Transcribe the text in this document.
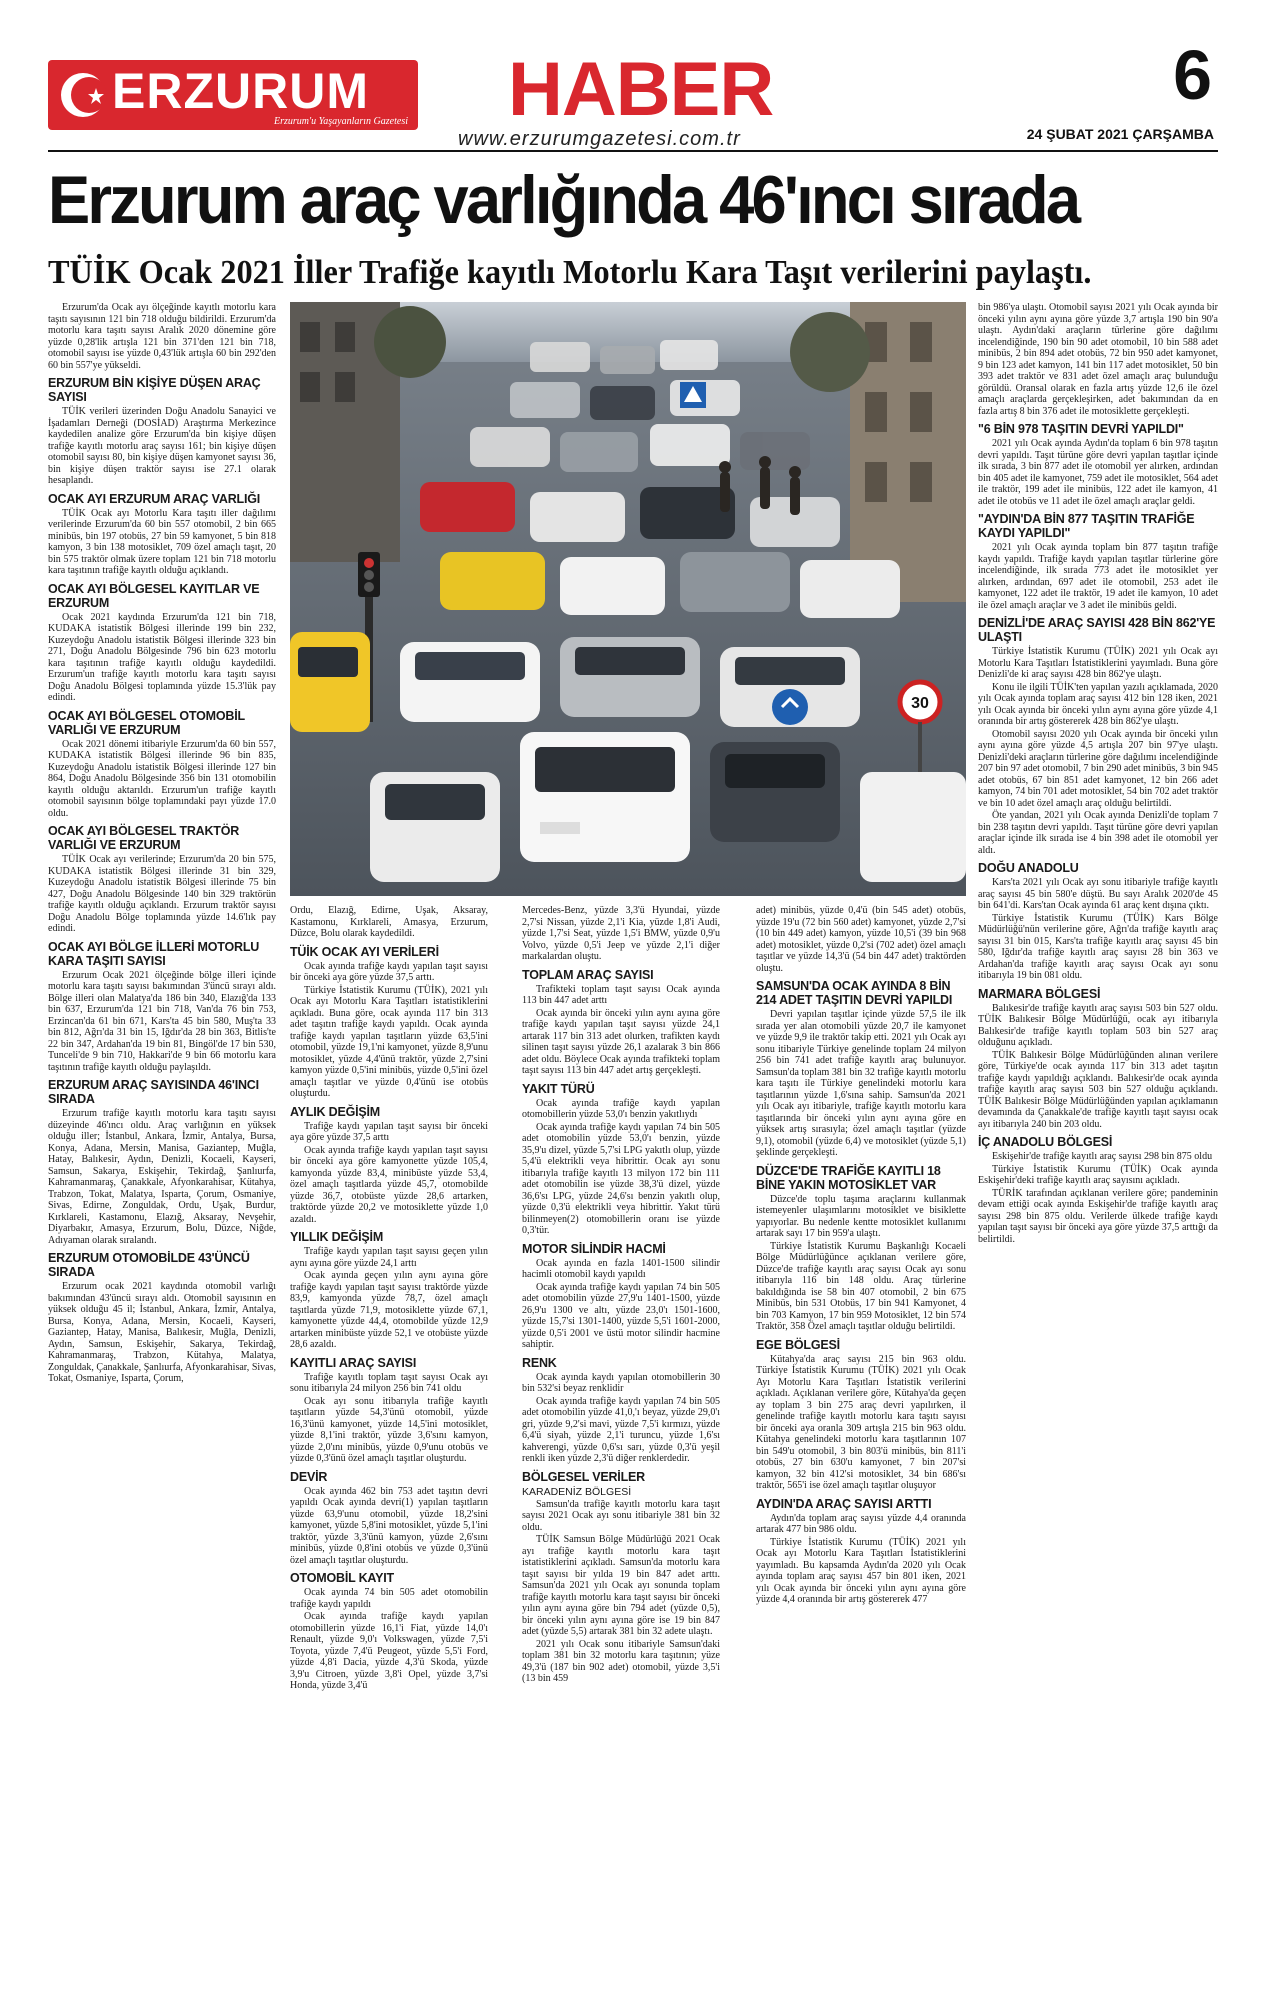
ERZURUM
Erzurum'u Yaşayanların Gazetesi HABER
www.erzurumgazetesi.com.tr
6
24 ŞUBAT 2021 ÇARŞAMBA
Erzurum araç varlığında 46'ıncı sırada
TÜİK Ocak 2021 İller Trafiğe kayıtlı Motorlu Kara Taşıt verilerini paylaştı.
30

Erzurum'da Ocak ayı ölçeğinde kayıtlı motorlu kara taşıtı sayısının 121 bin 718 olduğu bildirildi. Erzurum'da motorlu kara taşıtı sayısı Aralık 2020 dönemine göre yüzde 0,28'lik artışla 121 bin 371'den 121 bin 718, otomobil sayısı ise yüzde 0,43'lük artışla 60 bin 292'den 60 bin 557'ye yükseldi.

ERZURUM BİN KİŞİYE DÜŞEN ARAÇ SAYISI

TÜİK verileri üzerinden Doğu Anadolu Sanayici ve İşadamları Derneği (DOSİAD) Araştırma Merkezince kaydedilen analize göre Erzurum'da bin kişiye düşen trafiğe kayıtlı motorlu araç sayısı 161; bin kişiye düşen otomobil sayısı 80, bin kişiye düşen kamyonet sayısı 36, bin kişiye düşen traktör sayısı ise 27.1 olarak hesaplandı.

OCAK AYI ERZURUM ARAÇ VARLIĞI

TÜİK Ocak ayı Motorlu Kara taşıtı iller dağılımı verilerinde Erzurum'da 60 bin 557 otomobil, 2 bin 665 minibüs, bin 197 otobüs, 27 bin 59 kamyonet, 5 bin 818 kamyon, 3 bin 138 motosiklet, 709 özel amaçlı taşıt, 20 bin 575 traktör olmak üzere toplam 121 bin 718 motorlu kara taşıtının trafiğe kayıtlı olduğu açıklandı.

OCAK AYI BÖLGESEL KAYITLAR VE ERZURUM

Ocak 2021 kaydında Erzurum'da 121 bin 718, KUDAKA istatistik Bölgesi illerinde 199 bin 232, Kuzeydoğu Anadolu istatistik Bölgesi illerinde 323 bin 271, Doğu Anadolu Bölgesinde 796 bin 623 motorlu kara taşıtının trafiğe kayıtlı olduğu kaydedildi. Erzurum'un trafiğe kayıtlı motorlu kara taşıtı sayısı Doğu Anadolu Bölgesi toplamında yüzde 15.3'lük pay edindi.

OCAK AYI BÖLGESEL OTOMOBİL VARLIĞI VE ERZURUM

Ocak 2021 dönemi itibariyle Erzurum'da 60 bin 557, KUDAKA istatistik Bölgesi illerinde 96 bin 835, Kuzeydoğu Anadolu istatistik Bölgesi illerinde 127 bin 864, Doğu Anadolu Bölgesinde 356 bin 131 otomobilin kayıtlı olduğu aktarıldı. Erzurum'un trafiğe kayıtlı otomobil sayısının bölge toplamındaki payı yüzde 17.0 oldu.

OCAK AYI BÖLGESEL TRAKTÖR VARLIĞI VE ERZURUM

TÜİK Ocak ayı verilerinde; Erzurum'da 20 bin 575, KUDAKA istatistik Bölgesi illerinde 31 bin 329, Kuzeydoğu Anadolu istatistik Bölgesi illerinde 75 bin 427, Doğu Anadolu Bölgesinde 140 bin 329 traktörün trafiğe kayıtlı olduğu açıklandı. Erzurum traktör sayısı Doğu Anadolu Bölge toplamında yüzde 14.6'lık pay edindi.

OCAK AYI BÖLGE İLLERİ MOTORLU KARA TAŞITI SAYISI

Erzurum Ocak 2021 ölçeğinde bölge illeri içinde motorlu kara taşıtı sayısı bakımından 3'üncü sırayı aldı. Bölge illeri olan Malatya'da 186 bin 340, Elazığ'da 133 bin 637, Erzurum'da 121 bin 718, Van'da 76 bin 753, Erzincan'da 61 bin 671, Kars'ta 45 bin 580, Muş'ta 33 bin 812, Ağrı'da 31 bin 15, Iğdır'da 28 bin 363, Bitlis'te 22 bin 347, Ardahan'da 19 bin 81, Bingöl'de 17 bin 530, Tunceli'de 9 bin 710, Hakkari'de 9 bin 66 motorlu kara taşıtının trafiğe kayıtlı olduğu paylaşıldı.

ERZURUM ARAÇ SAYISINDA 46'INCI SIRADA

Erzurum trafiğe kayıtlı motorlu kara taşıtı sayısı düzeyinde 46'ıncı oldu. Araç varlığının en yüksek olduğu iller; İstanbul, Ankara, İzmir, Antalya, Bursa, Konya, Adana, Mersin, Manisa, Gaziantep, Muğla, Hatay, Balıkesir, Aydın, Denizli, Kocaeli, Kayseri, Samsun, Sakarya, Eskişehir, Tekirdağ, Şanlıurfa, Kahramanmaraş, Çanakkale, Afyonkarahisar, Kütahya, Trabzon, Tokat, Malatya, Isparta, Çorum, Osmaniye, Sivas, Edirne, Zonguldak, Ordu, Uşak, Burdur, Kırklareli, Kastamonu, Elazığ, Aksaray, Nevşehir, Diyarbakır, Amasya, Erzurum, Bolu, Düzce, Niğde, Adıyaman olarak sıralandı.

ERZURUM OTOMOBİLDE 43'ÜNCÜ SIRADA

Erzurum ocak 2021 kaydında otomobil varlığı bakımından 43'üncü sırayı aldı. Otomobil sayısının en yüksek olduğu 45 il; İstanbul, Ankara, İzmir, Antalya, Bursa, Konya, Adana, Mersin, Kocaeli, Kayseri, Gaziantep, Hatay, Manisa, Balıkesir, Muğla, Denizli, Aydın, Samsun, Eskişehir, Sakarya, Tekirdağ, Kahramanmaraş, Trabzon, Kütahya, Malatya, Zonguldak, Çanakkale, Şanlıurfa, Afyonkarahisar, Sivas, Tokat, Osmaniye, Isparta, Çorum,

Ordu, Elazığ, Edirne, Uşak, Aksaray, Kastamonu, Kırklareli, Amasya, Erzurum, Düzce, Bolu olarak kaydedildi.

TÜİK OCAK AYI VERİLERİ

Ocak ayında trafiğe kaydı yapılan taşıt sayısı bir önceki aya göre yüzde 37,5 arttı.

Türkiye İstatistik Kurumu (TÜİK), 2021 yılı Ocak ayı Motorlu Kara Taşıtları istatistiklerini açıkladı. Buna göre, ocak ayında 117 bin 313 adet taşıtın trafiğe kaydı yapıldı. Ocak ayında trafiğe kaydı yapılan taşıtların yüzde 63,5'ini otomobil, yüzde 19,1'ni kamyonet, yüzde 8,9'unu motosiklet, yüzde 4,4'ünü traktör, yüzde 2,7'sini kamyon yüzde 0,5'ini minibüs, yüzde 0,5'ini özel amaçlı taşıtlar ve yüzde 0,4'ünü ise otobüs oluşturdu.

AYLIK DEĞİŞİM

Trafiğe kaydı yapılan taşıt sayısı bir önceki aya göre yüzde 37,5 arttı

Ocak ayında trafiğe kaydı yapılan taşıt sayısı bir önceki aya göre kamyonette yüzde 105,4, kamyonda yüzde 83,4, minibüste yüzde 53,4, özel amaçlı taşıtlarda yüzde 45,7, otomobilde yüzde 36,7, otobüste yüzde 28,6 artarken, traktörde yüzde 20,2 ve motosiklette yüzde 1,0 azaldı.

YILLIK DEĞİŞİM

Trafiğe kaydı yapılan taşıt sayısı geçen yılın aynı ayına göre yüzde 24,1 arttı

Ocak ayında geçen yılın aynı ayına göre trafiğe kaydı yapılan taşıt sayısı traktörde yüzde 83,9, kamyonda yüzde 78,7, özel amaçlı taşıtlarda yüzde 71,9, motosiklette yüzde 67,1, kamyonette yüzde 44,4, otomobilde yüzde 12,9 artarken minibüste yüzde 52,1 ve otobüste yüzde 28,6 azaldı.

KAYITLI ARAÇ SAYISI

Trafiğe kayıtlı toplam taşıt sayısı Ocak ayı sonu itibarıyla 24 milyon 256 bin 741 oldu

Ocak ayı sonu itibarıyla trafiğe kayıtlı taşıtların yüzde 54,3'ünü otomobil, yüzde 16,3'ünü kamyonet, yüzde 14,5'ini motosiklet, yüzde 8,1'ini traktör, yüzde 3,6'sını kamyon, yüzde 2,0'ını minibüs, yüzde 0,9'unu otobüs ve yüzde 0,3'ünü özel amaçlı taşıtlar oluşturdu.

DEVİR

Ocak ayında 462 bin 753 adet taşıtın devri yapıldı Ocak ayında devri(1) yapılan taşıtların yüzde 63,9'unu otomobil, yüzde 18,2'sini kamyonet, yüzde 5,8'ini motosiklet, yüzde 5,1'ini traktör, yüzde 3,3'ünü kamyon, yüzde 2,6'sını minibüs, yüzde 0,8'ini otobüs ve yüzde 0,3'ünü özel amaçlı taşıtlar oluşturdu.

OTOMOBİL KAYIT

Ocak ayında 74 bin 505 adet otomobilin trafiğe kaydı yapıldı

Ocak ayında trafiğe kaydı yapılan otomobillerin yüzde 16,1'i Fiat, yüzde 14,0'ı Renault, yüzde 9,0'ı Volkswagen, yüzde 7,5'i Toyota, yüzde 7,4'ü Peugeot, yüzde 5,5'i Ford, yüzde 4,8'i Dacia, yüzde 4,3'ü Skoda, yüzde 3,9'u Citroen, yüzde 3,8'i Opel, yüzde 3,7'si Honda, yüzde 3,4'ü

Mercedes-Benz, yüzde 3,3'ü Hyundai, yüzde 2,7'si Nissan, yüzde 2,1'i Kia, yüzde 1,8'i Audi, yüzde 1,7'si Seat, yüzde 1,5'i BMW, yüzde 0,9'u Volvo, yüzde 0,5'i Jeep ve yüzde 2,1'i diğer markalardan oluştu.

TOPLAM ARAÇ SAYISI

Trafikteki toplam taşıt sayısı Ocak ayında 113 bin 447 adet arttı

Ocak ayında bir önceki yılın aynı ayına göre trafiğe kaydı yapılan taşıt sayısı yüzde 24,1 artarak 117 bin 313 adet olurken, trafikten kaydı silinen taşıt sayısı yüzde 26,1 azalarak 3 bin 866 adet oldu. Böylece Ocak ayında trafikteki toplam taşıt sayısı 113 bin 447 adet artış gerçekleşti.

YAKIT TÜRÜ

Ocak ayında trafiğe kaydı yapılan otomobillerin yüzde 53,0'ı benzin yakıtlıydı

Ocak ayında trafiğe kaydı yapılan 74 bin 505 adet otomobilin yüzde 53,0'ı benzin, yüzde 35,9'u dizel, yüzde 5,7'si LPG yakıtlı olup, yüzde 5,4'ü elektrikli veya hibrittir. Ocak ayı sonu itibarıyla trafiğe kayıtlı 13 milyon 172 bin 111 adet otomobilin ise yüzde 38,3'ü dizel, yüzde 36,6'sı LPG, yüzde 24,6'sı benzin yakıtlı olup, yüzde 0,3'ü elektrikli veya hibrittir. Yakıt türü bilinmeyen(2) otomobillerin oranı ise yüzde 0,3'tür.

MOTOR SİLİNDİR HACMİ

Ocak ayında en fazla 1401-1500 silindir hacimli otomobil kaydı yapıldı

Ocak ayında trafiğe kaydı yapılan 74 bin 505 adet otomobilin yüzde 27,9'u 1401-1500, yüzde 26,9'u 1300 ve altı, yüzde 23,0'ı 1501-1600, yüzde 15,7'si 1301-1400, yüzde 5,5'i 1601-2000, yüzde 0,5'i 2001 ve üstü motor silindir hacmine sahiptir.

RENK

Ocak ayında kaydı yapılan otomobillerin 30 bin 532'si beyaz renklidir

Ocak ayında trafiğe kaydı yapılan 74 bin 505 adet otomobilin yüzde 41,0,'ı beyaz, yüzde 29,0'ı gri, yüzde 9,2'si mavi, yüzde 7,5'i kırmızı, yüzde 6,4'ü siyah, yüzde 2,1'i turuncu, yüzde 1,6'sı kahverengi, yüzde 0,6'sı sarı, yüzde 0,3'ü yeşil renkli iken yüzde 2,3'ü diğer renklerdedir.

BÖLGESEL VERİLER
KARADENİZ BÖLGESİ

Samsun'da trafiğe kayıtlı motorlu kara taşıt sayısı 2021 Ocak ayı sonu itibariyle 381 bin 32 oldu.

TÜİK Samsun Bölge Müdürlüğü 2021 Ocak ayı trafiğe kayıtlı motorlu kara taşıt istatistiklerini açıkladı. Samsun'da motorlu kara taşıt sayısı bir yılda 19 bin 847 adet arttı. Samsun'da 2021 yılı Ocak ayı sonunda toplam trafiğe kayıtlı motorlu kara taşıt sayısı bir önceki yılın aynı ayına göre bin 794 adet (yüzde 0,5), bir önceki yılın aynı ayına göre ise 19 bin 847 adet (yüzde 5,5) artarak 381 bin 32 adete ulaştı.

2021 yılı Ocak sonu itibariyle Samsun'daki toplam 381 bin 32 motorlu kara taşıtının; yüze 49,3'ü (187 bin 902 adet) otomobil, yüzde 3,5'i (13 bin 459

adet) minibüs, yüzde 0,4'ü (bin 545 adet) otobüs, yüzde 19'u (72 bin 560 adet) kamyonet, yüzde 2,7'si (10 bin 449 adet) kamyon, yüzde 10,5'i (39 bin 968 adet) motosiklet, yüzde 0,2'si (702 adet) özel amaçlı taşıtlar ve yüzde 14,3'ü (54 bin 447 adet) traktörden oluştu.

SAMSUN'DA OCAK AYINDA 8 BİN 214 ADET TAŞITIN DEVRİ YAPILDI

Devri yapılan taşıtlar içinde yüzde 57,5 ile ilk sırada yer alan otomobili yüzde 20,7 ile kamyonet ve yüzde 9,9 ile traktör takip etti. 2021 yılı Ocak ayı sonu itibariyle Türkiye genelinde toplam 24 milyon 256 bin 741 adet trafiğe kayıtlı araç bulunuyor. Samsun'da toplam 381 bin 32 trafiğe kayıtlı motorlu kara taşıtı ile Türkiye genelindeki motorlu kara taşıtlarının yüzde 1,6'sına sahip. Samsun'da 2021 yılı Ocak ayı itibariyle, trafiğe kayıtlı motorlu kara taşıtlarında bir önceki yılın aynı ayına göre en yüksek artış sırasıyla; özel amaçlı taşıtlar (yüzde 9,1), otomobil (yüzde 6,4) ve motosiklet (yüzde 5,1) şeklinde gerçekleşti.

DÜZCE'DE TRAFİĞE KAYITLI 18 BİNE YAKIN MOTOSİKLET VAR

Düzce'de toplu taşıma araçlarını kullanmak istemeyenler ulaşımlarını motosiklet ve bisiklette yapıyorlar. Bu nedenle kentte motosiklet kullanımı artarak sayı 17 bin 959'a ulaştı.

Türkiye İstatistik Kurumu Başkanlığı Kocaeli Bölge Müdürlüğünce açıklanan verilere göre, Düzce'de trafiğe kayıtlı araç sayısı Ocak ayı sonu itibarıyla 116 bin 148 oldu. Araç türlerine bakıldığında ise 58 bin 407 otomobil, 2 bin 675 Minibüs, bin 531 Otobüs, 17 bin 941 Kamyonet, 4 bin 703 Kamyon, 17 bin 959 Motosiklet, 12 bin 574 Traktör, 358 Özel amaçlı taşıtlar olduğu belirtildi.

EGE BÖLGESİ

Kütahya'da araç sayısı 215 bin 963 oldu. Türkiye İstatistik Kurumu (TÜİK) 2021 yılı Ocak Ayı Motorlu Kara Taşıtları İstatistik verilerini açıkladı. Açıklanan verilere göre, Kütahya'da geçen ay toplam 3 bin 275 araç devri yapılırken, il genelinde trafiğe kayıtlı motorlu kara taşıtı sayısı bir önceki aya oranla 309 artışla 215 bin 963 oldu. Kütahya genelindeki motorlu kara taşıtlarının 107 bin 549'u otomobil, 3 bin 803'ü minibüs, bin 811'i otobüs, 27 bin 630'u kamyonet, 7 bin 207'si kamyon, 32 bin 412'si motosiklet, 34 bin 686'sı traktör, 565'i ise özel amaçlı taşıtlar oluşuyor

AYDIN'DA ARAÇ SAYISI ARTTI

Aydın'da toplam araç sayısı yüzde 4,4 oranında artarak 477 bin 986 oldu.

Türkiye İstatistik Kurumu (TÜİK) 2021 yılı Ocak ayı Motorlu Kara Taşıtları İstatistiklerini yayımladı. Bu kapsamda Aydın'da 2020 yılı Ocak ayında toplam araç sayısı 457 bin 801 iken, 2021 yılı Ocak ayında bir önceki yılın aynı ayına göre yüzde 4,4 oranında bir artış göstererek 477

bin 986'ya ulaştı. Otomobil sayısı 2021 yılı Ocak ayında bir önceki yılın aynı ayına göre yüzde 3,7 artışla 190 bin 90'a ulaştı. Aydın'daki araçların türlerine göre dağılımı incelendiğinde, 190 bin 90 adet otomobil, 10 bin 588 adet minibüs, 2 bin 894 adet otobüs, 72 bin 950 adet kamyonet, 9 bin 123 adet kamyon, 141 bin 117 adet motosiklet, 50 bin 393 adet traktör ve 831 adet özel amaçlı araç bulunduğu görüldü. Oransal olarak en fazla artış yüzde 12,6 ile özel amaçlı araçlarda gerçekleşirken, adet bakımından da en fazla artış 8 bin 376 adet ile motosiklette gerçekleşti.

"6 BİN 978 TAŞITIN DEVRİ YAPILDI"

2021 yılı Ocak ayında Aydın'da toplam 6 bin 978 taşıtın devri yapıldı. Taşıt türüne göre devri yapılan taşıtlar içinde ilk sırada, 3 bin 877 adet ile otomobil yer alırken, ardından bin 405 adet ile kamyonet, 759 adet ile motosiklet, 564 adet ile traktör, 199 adet ile minibüs, 122 adet ile kamyon, 41 adet ile otobüs ve 11 adet ile özel amaçlı araçlar geldi.

"AYDIN'DA BİN 877 TAŞITIN TRAFİĞE KAYDI YAPILDI"

2021 yılı Ocak ayında toplam bin 877 taşıtın trafiğe kaydı yapıldı. Trafiğe kaydı yapılan taşıtlar türlerine göre incelendiğinde, ilk sırada 773 adet ile motosiklet yer alırken, ardından, 697 adet ile otomobil, 253 adet ile kamyonet, 122 adet ile traktör, 19 adet ile kamyon, 10 adet ile özel amaçlı araçlar ve 3 adet ile minibüs geldi.

DENİZLİ'DE ARAÇ SAYISI 428 BİN 862'YE ULAŞTI

Türkiye İstatistik Kurumu (TÜİK) 2021 yılı Ocak ayı Motorlu Kara Taşıtları İstatistiklerini yayımladı. Buna göre Denizli'de ki araç sayısı 428 bin 862'ye ulaştı.

Konu ile ilgili TÜİK'ten yapılan yazılı açıklamada, 2020 yılı Ocak ayında toplam araç sayısı 412 bin 128 iken, 2021 yılı Ocak ayında bir önceki yılın aynı ayına göre yüzde 4,1 oranında bir artış göstererek 428 bin 862'ye ulaştı.

Otomobil sayısı 2020 yılı Ocak ayında bir önceki yılın aynı ayına göre yüzde 4,5 artışla 207 bin 97'ye ulaştı. Denizli'deki araçların türlerine göre dağılımı incelendiğinde 207 bin 97 adet otomobil, 7 bin 290 adet minibüs, 3 bin 945 adet otobüs, 67 bin 851 adet kamyonet, 12 bin 266 adet kamyon, 74 bin 701 adet motosiklet, 54 bin 702 adet traktör ve bin 10 adet özel amaçlı araç olduğu belirtildi.

Öte yandan, 2021 yılı Ocak ayında Denizli'de toplam 7 bin 238 taşıtın devri yapıldı. Taşıt türüne göre devri yapılan araçlar içinde ilk sırada ise 4 bin 398 adet ile otomobil yer aldı.

DOĞU ANADOLU

Kars'ta 2021 yılı Ocak ayı sonu itibariyle trafiğe kayıtlı araç sayısı 45 bin 580'e düştü. Bu sayı Aralık 2020'de 45 bin 641'di. Kars'tan Ocak ayında 61 araç kent dışına çıktı.

Türkiye İstatistik Kurumu (TÜİK) Kars Bölge Müdürlüğü'nün verilerine göre, Ağrı'da trafiğe kayıtlı araç sayısı 31 bin 015, Kars'ta trafiğe kayıtlı araç sayısı 45 bin 580, Iğdır'da trafiğe kayıtlı araç sayısı 28 bin 363 ve Ardahan'da trafiğe kayıtlı araç sayısı Ocak ayı sonu itibarıyla 19 bin 081 oldu.

MARMARA BÖLGESİ

Balıkesir'de trafiğe kayıtlı araç sayısı 503 bin 527 oldu. TÜİK Balıkesir Bölge Müdürlüğü, ocak ayı itibarıyla Balıkesir'de trafiğe kayıtlı toplam 503 bin 527 araç olduğunu açıkladı.

TÜİK Balıkesir Bölge Müdürlüğünden alınan verilere göre, Türkiye'de ocak ayında 117 bin 313 adet taşıtın trafiğe kaydı yapıldığı açıklandı. Balıkesir'de ocak ayında trafiğe kayıtlı araç sayısı 503 bin 527 olduğu açıklandı. TÜİK Balıkesir Bölge Müdürlüğünden yapılan açıklamanın devamında da Çanakkale'de trafiğe kayıtlı taşıt sayısı ocak ayı itibarıyla 240 bin 203 oldu.

İÇ ANADOLU BÖLGESİ

Eskişehir'de trafiğe kayıtlı araç sayısı 298 bin 875 oldu

Türkiye İstatistik Kurumu (TÜİK) Ocak ayında Eskişehir'deki trafiğe kayıtlı araç sayısını açıkladı.

TÜRİK tarafından açıklanan verilere göre; pandeminin devam ettiği ocak ayında Eskişehir'de trafiğe kayıtlı araç sayısı 298 bin 875 oldu. Verilerde ülkede trafiğe kaydı yapılan taşıt sayısı bir önceki aya göre yüzde 37,5 arttığı da belirtildi.
